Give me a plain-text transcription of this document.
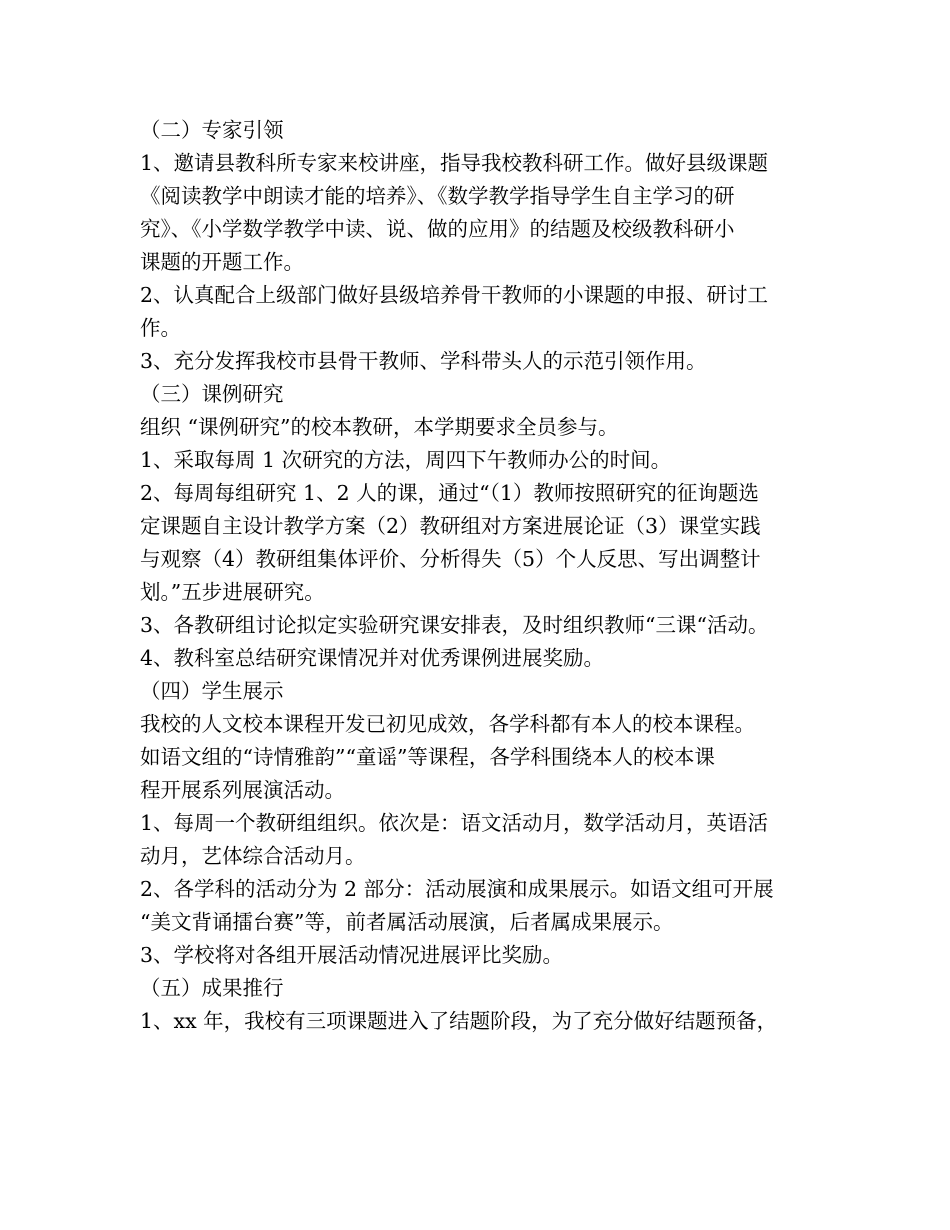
（二）专家引领
1、邀请县教科所专家来校讲座，指导我校教科研工作。做好县级课题
《阅读教学中朗读才能的培养》、《数学教学指导学生自主学习的研
究》、《小学数学教学中读、说、做的应用》的结题及校级教科研小
课题的开题工作。
2、认真配合上级部门做好县级培养骨干教师的小课题的申报、研讨工
作。
3、充分发挥我校市县骨干教师、学科带头人的示范引领作用。
（三）课例研究
组织 “课例研究”的校本教研，本学期要求全员参与。
1、采取每周 1 次研究的方法，周四下午教师办公的时间。
2、每周每组研究 1、2 人的课，通过“（1）教师按照研究的征询题选
定课题自主设计教学方案（2）教研组对方案进展论证（3）课堂实践
与观察（4）教研组集体评价、分析得失（5）个人反思、写出调整计
划。”五步进展研究。
3、各教研组讨论拟定实验研究课安排表，及时组织教师“三课“活动。
4、教科室总结研究课情况并对优秀课例进展奖励。
（四）学生展示
我校的人文校本课程开发已初见成效，各学科都有本人的校本课程。
如语文组的“诗情雅韵”“童谣”等课程，各学科围绕本人的校本课
程开展系列展演活动。
1、每周一个教研组组织。依次是：语文活动月，数学活动月，英语活
动月，艺体综合活动月。
2、各学科的活动分为 2 部分：活动展演和成果展示。如语文组可开展
“美文背诵擂台赛”等，前者属活动展演，后者属成果展示。
3、学校将对各组开展活动情况进展评比奖励。
（五）成果推行
1、xx 年，我校有三项课题进入了结题阶段，为了充分做好结题预备，
